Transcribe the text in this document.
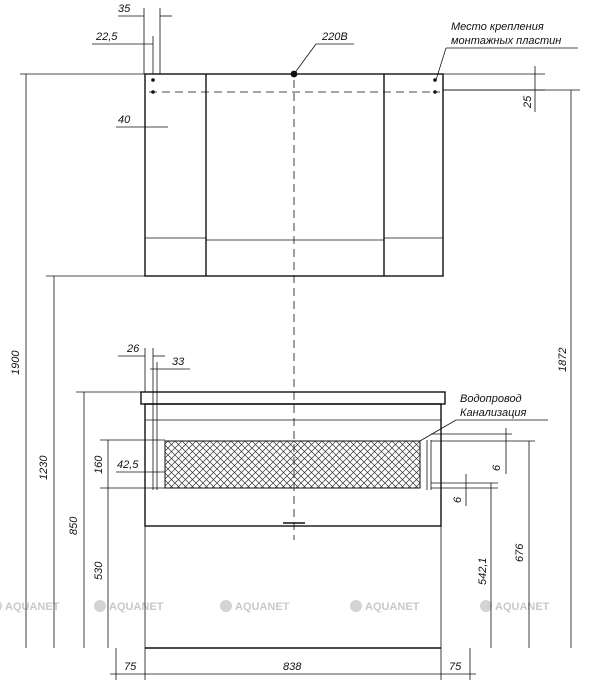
AQUANET	AQUANET	AQUANET	AQUANET	AQUANET
35
22,5
40
25
220В
Место крепления
монтажных пластин
1900
1230
850
530
160 42,5
26
33	1872
676
6
542,1
6
Водопровод
Канализация
75	838	75
